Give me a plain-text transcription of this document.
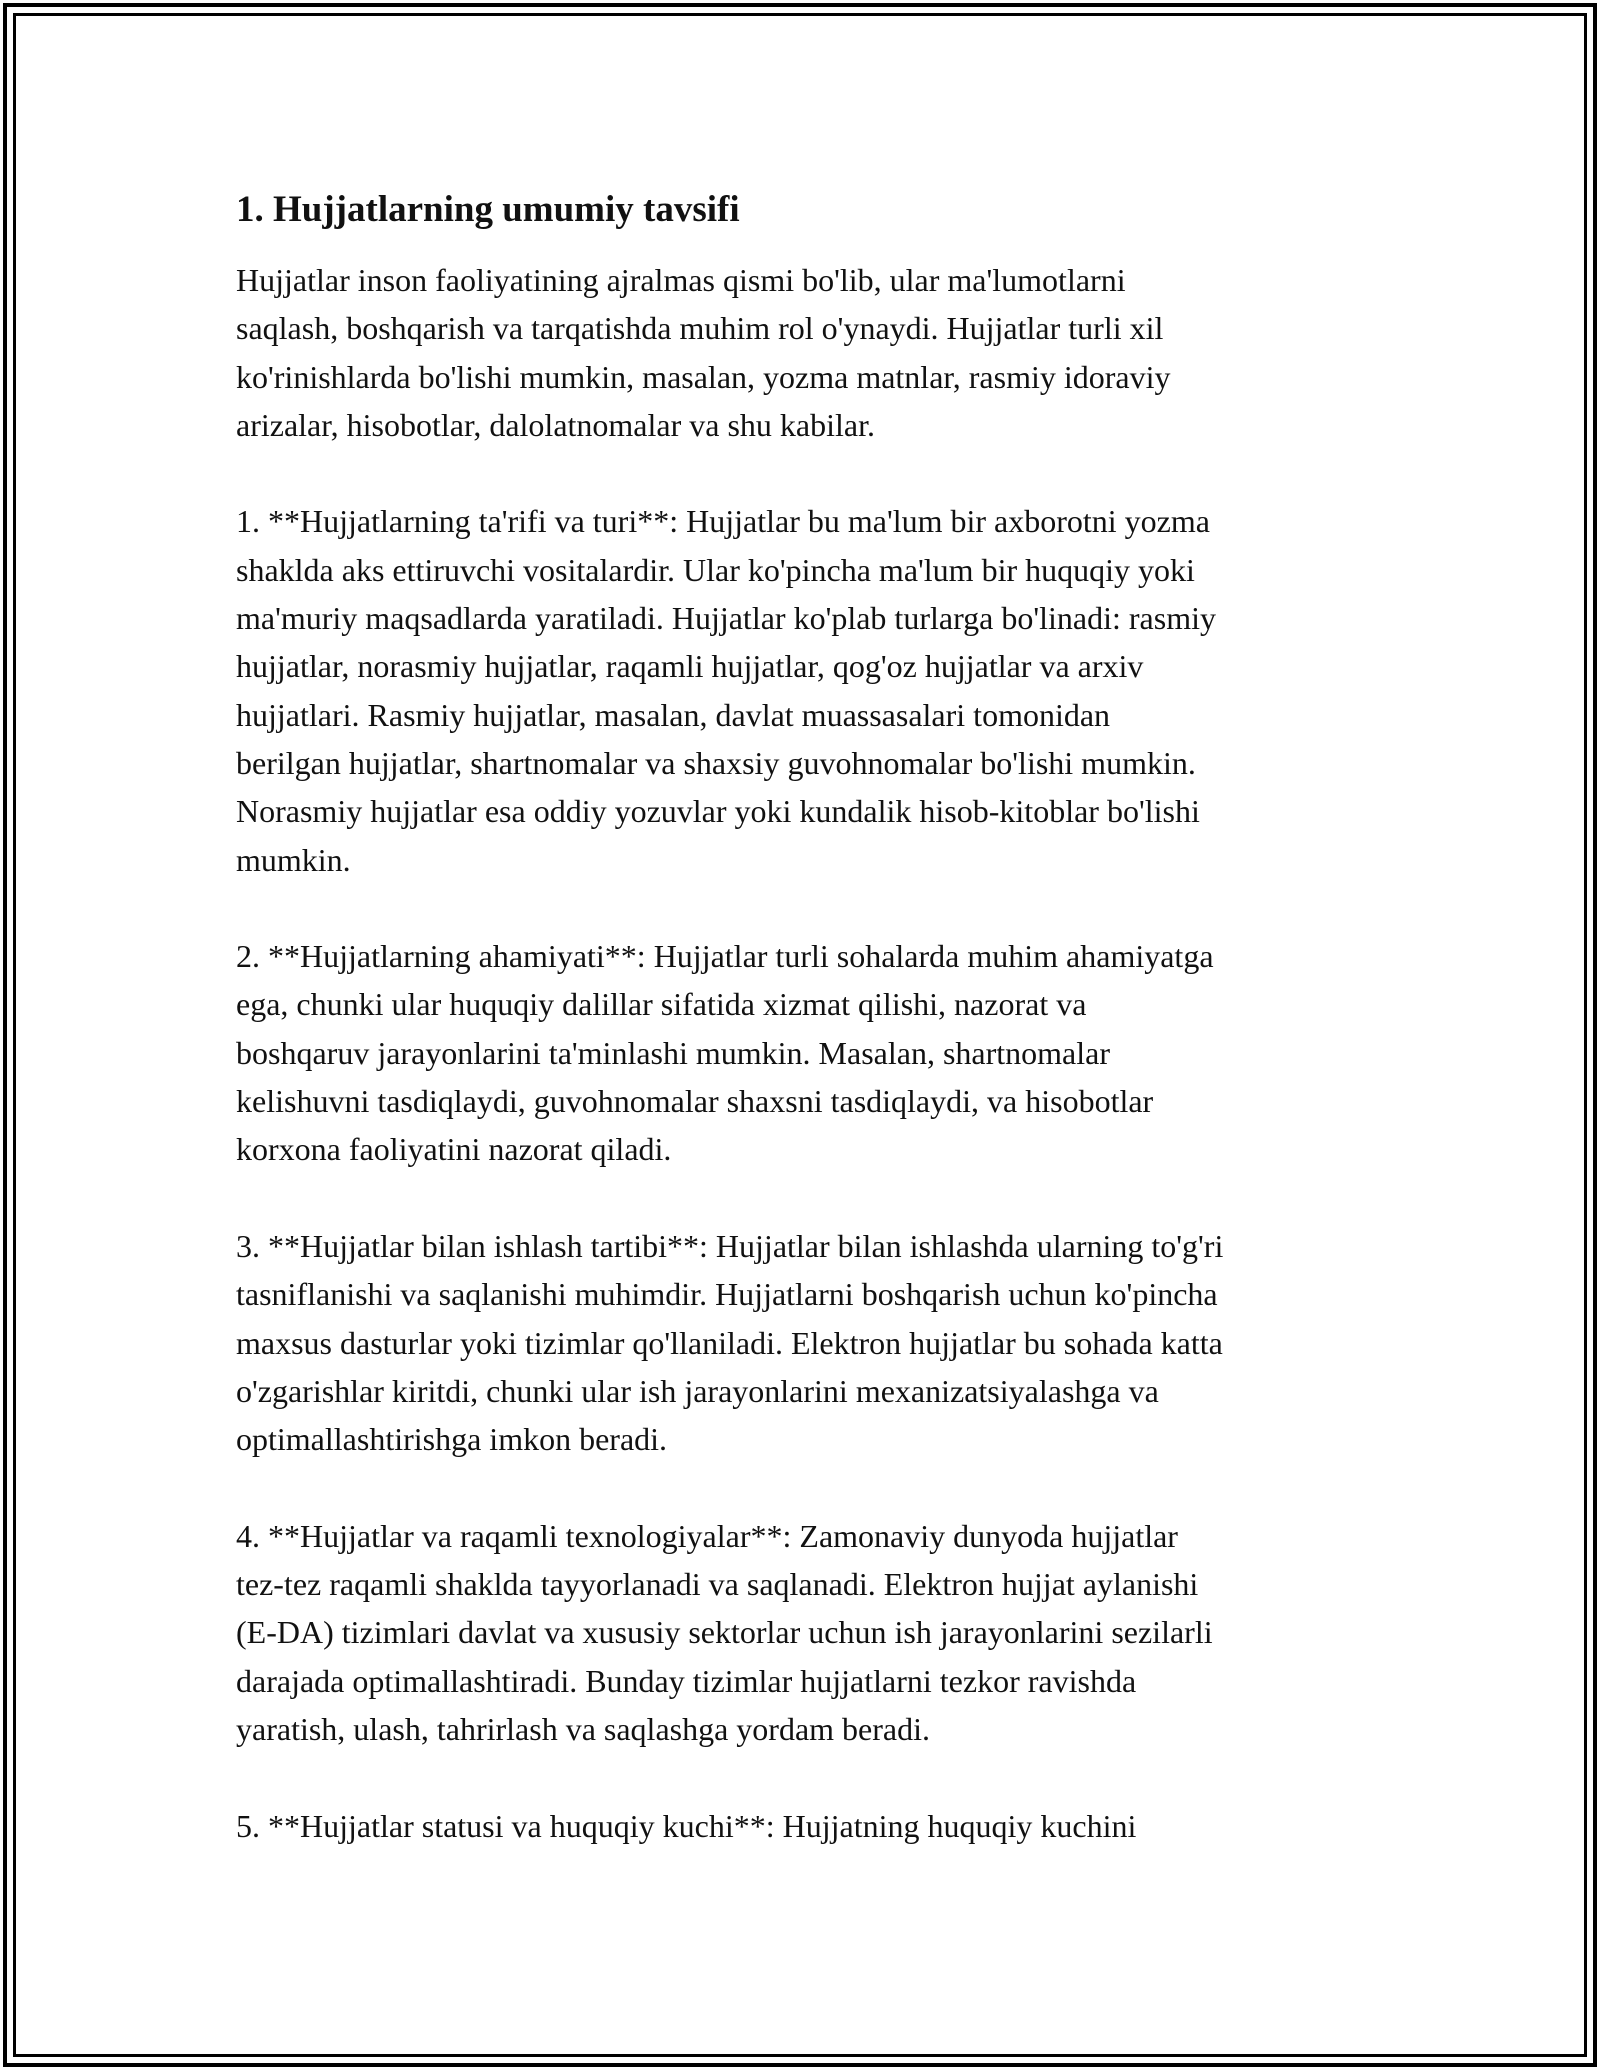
1. Hujjatlarning umumiy tavsifi

Hujjatlar inson faoliyatining ajralmas qismi bo'lib, ular ma'lumotlarni
saqlash, boshqarish va tarqatishda muhim rol o'ynaydi. Hujjatlar turli xil
ko'rinishlarda bo'lishi mumkin, masalan, yozma matnlar, rasmiy idoraviy
arizalar, hisobotlar, dalolatnomalar va shu kabilar.

1. **Hujjatlarning ta'rifi va turi**: Hujjatlar bu ma'lum bir axborotni yozma
shaklda aks ettiruvchi vositalardir. Ular ko'pincha ma'lum bir huquqiy yoki
ma'muriy maqsadlarda yaratiladi. Hujjatlar ko'plab turlarga bo'linadi: rasmiy
hujjatlar, norasmiy hujjatlar, raqamli hujjatlar, qog'oz hujjatlar va arxiv
hujjatlari. Rasmiy hujjatlar, masalan, davlat muassasalari tomonidan
berilgan hujjatlar, shartnomalar va shaxsiy guvohnomalar bo'lishi mumkin.
Norasmiy hujjatlar esa oddiy yozuvlar yoki kundalik hisob-kitoblar bo'lishi
mumkin.

2. **Hujjatlarning ahamiyati**: Hujjatlar turli sohalarda muhim ahamiyatga
ega, chunki ular huquqiy dalillar sifatida xizmat qilishi, nazorat va
boshqaruv jarayonlarini ta'minlashi mumkin. Masalan, shartnomalar
kelishuvni tasdiqlaydi, guvohnomalar shaxsni tasdiqlaydi, va hisobotlar
korxona faoliyatini nazorat qiladi.

3. **Hujjatlar bilan ishlash tartibi**: Hujjatlar bilan ishlashda ularning to'g'ri
tasniflanishi va saqlanishi muhimdir. Hujjatlarni boshqarish uchun ko'pincha
maxsus dasturlar yoki tizimlar qo'llaniladi. Elektron hujjatlar bu sohada katta
o'zgarishlar kiritdi, chunki ular ish jarayonlarini mexanizatsiyalashga va
optimallashtirishga imkon beradi.

4. **Hujjatlar va raqamli texnologiyalar**: Zamonaviy dunyoda hujjatlar
tez-tez raqamli shaklda tayyorlanadi va saqlanadi. Elektron hujjat aylanishi
(E-DA) tizimlari davlat va xususiy sektorlar uchun ish jarayonlarini sezilarli
darajada optimallashtiradi. Bunday tizimlar hujjatlarni tezkor ravishda
yaratish, ulash, tahrirlash va saqlashga yordam beradi.

5. **Hujjatlar statusi va huquqiy kuchi**: Hujjatning huquqiy kuchini
